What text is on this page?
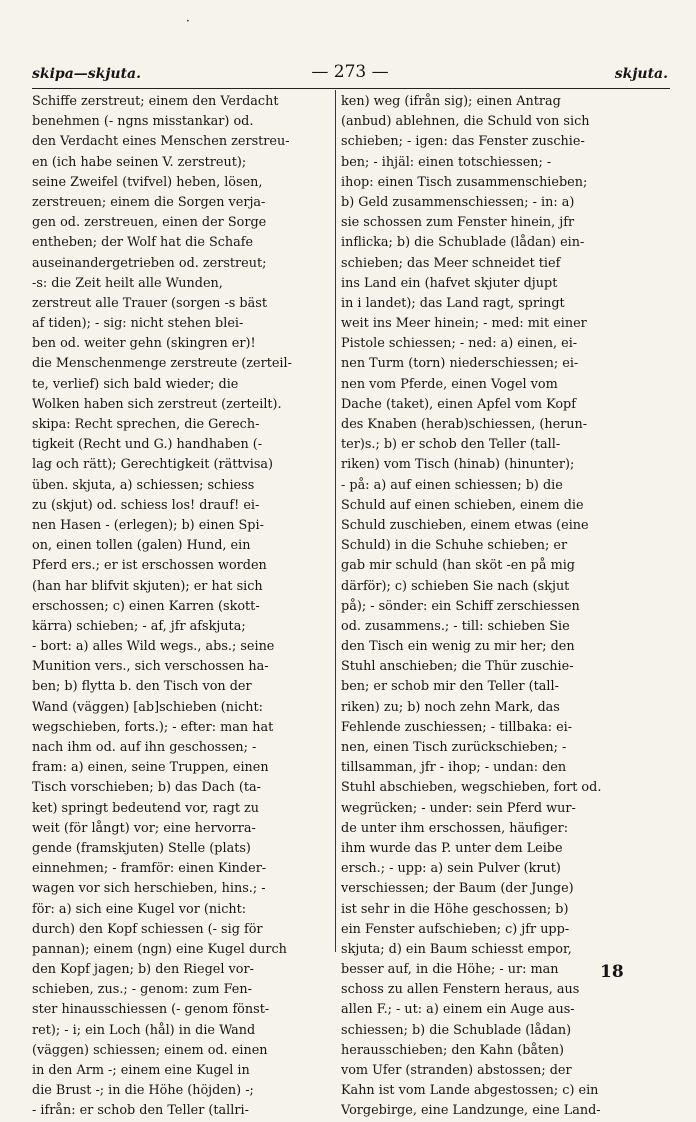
·
skipa—skjuta.	— 273 —	skjuta.
Schiffe zerstreut; einem den Verdacht
benehmen (- ngns misstankar) od.
den Verdacht eines Menschen zerstreu-
en (ich habe seinen V. zerstreut);
seine Zweifel (tvifvel) heben, lösen,
zerstreuen; einem die Sorgen verja-
gen od. zerstreuen, einen der Sorge
entheben; der Wolf hat die Schafe
auseinandergetrieben od. zerstreut;
-s: die Zeit heilt alle Wunden,
zerstreut alle Trauer (sorgen -s bäst
af tiden); - sig: nicht stehen blei-
ben od. weiter gehn (skingren er)!
die Menschenmenge zerstreute (zerteil-
te, verlief) sich bald wieder; die
Wolken haben sich zerstreut (zerteilt).
skipa: Recht sprechen, die Gerech-
tigkeit (Recht und G.) handhaben (-
lag och rätt); Gerechtigkeit (rättvisa)
üben. skjuta, a) schiessen; schiess
zu (skjut) od. schiess los! drauf! ei-
nen Hasen - (erlegen); b) einen Spi-
on, einen tollen (galen) Hund, ein
Pferd ers.; er ist erschossen worden
(han har blifvit skjuten); er hat sich
erschossen; c) einen Karren (skott-
kärra) schieben; - af, jfr afskjuta;
- bort: a) alles Wild wegs., abs.; seine
Munition vers., sich verschossen ha-
ben; b) flytta b. den Tisch von der
Wand (väggen) [ab]schieben (nicht:
wegschieben, forts.); - efter: man hat
nach ihm od. auf ihn geschossen; -
fram: a) einen, seine Truppen, einen
Tisch vorschieben; b) das Dach (ta-
ket) springt bedeutend vor, ragt zu
weit (för långt) vor; eine hervorra-
gende (framskjuten) Stelle (plats)
einnehmen; - framför: einen Kinder-
wagen vor sich herschieben, hins.; -
för: a) sich eine Kugel vor (nicht:
durch) den Kopf schiessen (- sig för
pannan); einem (ngn) eine Kugel durch
den Kopf jagen; b) den Riegel vor-
schieben, zus.; - genom: zum Fen-
ster hinausschiessen (- genom fönst-
ret); - i; ein Loch (hål) in die Wand
(väggen) schiessen; einem od. einen
in den Arm -; einem eine Kugel in
die Brust -; in die Höhe (höjden) -;
- ifrån: er schob den Teller (tallri-
ken) weg (ifrån sig); einen Antrag
(anbud) ablehnen, die Schuld von sich
schieben; - igen: das Fenster zuschie-
ben; - ihjäl: einen totschiessen; -
ihop: einen Tisch zusammenschieben;
b) Geld zusammenschiessen; - in: a)
sie schossen zum Fenster hinein, jfr
inflicka; b) die Schublade (lådan) ein-
schieben; das Meer schneidet tief
ins Land ein (hafvet skjuter djupt
in i landet); das Land ragt, springt
weit ins Meer hinein; - med: mit einer
Pistole schiessen; - ned: a) einen, ei-
nen Turm (torn) niederschiessen; ei-
nen vom Pferde, einen Vogel vom
Dache (taket), einen Apfel vom Kopf
des Knaben (herab)schiessen, (herun-
ter)s.; b) er schob den Teller (tall-
riken) vom Tisch (hinab) (hinunter);
- på: a) auf einen schiessen; b) die
Schuld auf einen schieben, einem die
Schuld zuschieben, einem etwas (eine
Schuld) in die Schuhe schieben; er
gab mir schuld (han sköt -en på mig
därför); c) schieben Sie nach (skjut
på); - sönder: ein Schiff zerschiessen
od. zusammens.; - till: schieben Sie
den Tisch ein wenig zu mir her; den
Stuhl anschieben; die Thür zuschie-
ben; er schob mir den Teller (tall-
riken) zu; b) noch zehn Mark, das
Fehlende zuschiessen; - tillbaka: ei-
nen, einen Tisch zurückschieben; -
tillsamman, jfr - ihop; - undan: den
Stuhl abschieben, wegschieben, fort od.
wegrücken; - under: sein Pferd wur-
de unter ihm erschossen, häufiger:
ihm wurde das P. unter dem Leibe
ersch.; - upp: a) sein Pulver (krut)
verschiessen; der Baum (der Junge)
ist sehr in die Höhe geschossen; b)
ein Fenster aufschieben; c) jfr upp-
skjuta; d) ein Baum schiesst empor,
besser auf, in die Höhe; - ur: man
schoss zu allen Fenstern heraus, aus
allen F.; - ut: a) einem ein Auge aus-
schiessen; b) die Schublade (lådan)
herausschieben; den Kahn (båten)
vom Ufer (stranden) abstossen; der
Kahn ist vom Lande abgestossen; c) ein
Vorgebirge, eine Landzunge, eine Land-
18
